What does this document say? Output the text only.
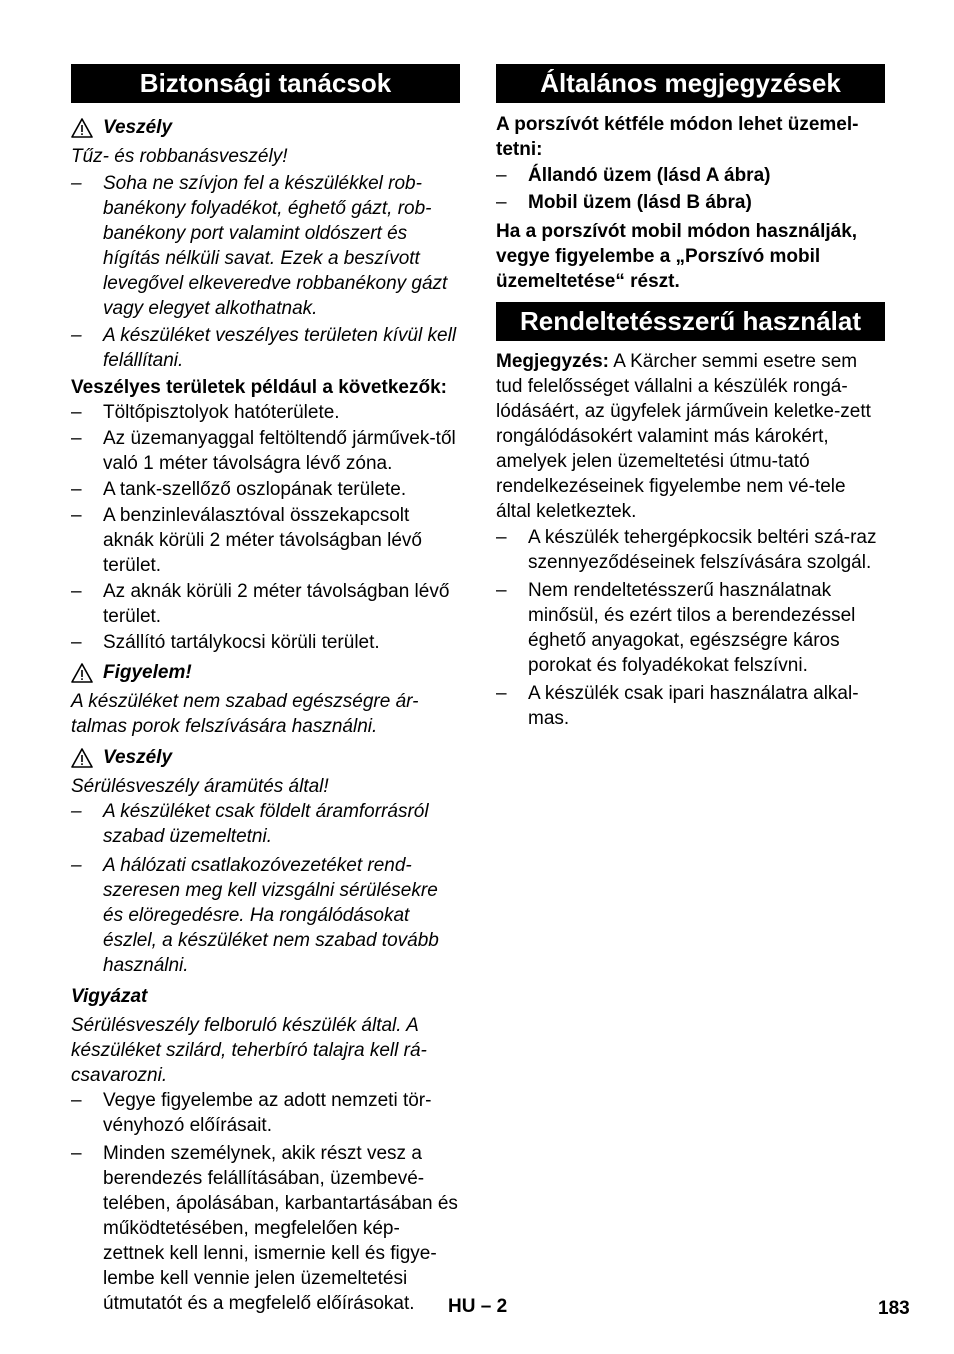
Biztonsági tanácsok

Veszély

Tűz- és robbanásveszély!

–
Soha ne szívjon fel a készülékkel rob-banékony folyadékot, éghető gázt, rob-banékony port valamint oldószert és hígítás nélküli savat. Ezek a beszívott levegővel elkeveredve robbanékony gázt vagy elegyet alkothatnak.
–
A készüléket veszélyes területen kívül kell felállítani.

Veszélyes területek például a következők:

–
Töltőpisztolyok hatóterülete.
–
Az üzemanyaggal feltöltendő járművek-től való 1 méter távolságra lévő zóna.
–
A tank-szellőző oszlopának területe.
–
A benzinleválasztóval összekapcsolt aknák körüli 2 méter távolságban lévő terület.
–
Az aknák körüli 2 méter távolságban lévő terület.
–
Szállító tartálykocsi körüli terület.

Figyelem!

A készüléket nem szabad egészségre ár-talmas porok felszívására használni.

Veszély

Sérülésveszély áramütés által!

–
A készüléket csak földelt áramforrásról szabad üzemeltetni.
–
A hálózati csatlakozóvezetéket rend-szeresen meg kell vizsgálni sérülésekre és elöregedésre. Ha rongálódásokat észlel, a készüléket nem szabad tovább használni.

Vigyázat

Sérülésveszély felboruló készülék által. A készüléket szilárd, teherbíró talajra kell rá-csavarozni.

–
Vegye figyelembe az adott nemzeti tör-vényhozó előírásait.
–
Minden személynek, akik részt vesz a berendezés felállításában, üzembevé-telében, ápolásában, karbantartásában és működtetésében, megfelelően kép-zettnek kell lenni, ismernie kell és figye-lembe kell vennie jelen üzemeltetési útmutatót és a megfelelő előírásokat.
Általános megjegyzések

A porszívót kétféle módon lehet üzemel-tetni:

–
Állandó üzem (lásd A ábra)
–
Mobil üzem (lásd B ábra)

Ha a porszívót mobil módon használják, vegye figyelembe a „Porszívó mobil üzemeltetése“ részt.

Rendeltetésszerű használat

Megjegyzés: A Kärcher semmi esetre sem tud felelősséget vállalni a készülék rongá-lódásáért, az ügyfelek járművein keletke-zett rongálódásokért valamint más károkért, amelyek jelen üzemeltetési útmu-tató rendelkezéseinek figyelembe nem vé-tele által keletkeztek.

–
A készülék tehergépkocsik beltéri szá-raz szennyeződéseinek felszívására szolgál.
–
Nem rendeltetésszerű használatnak minősül, és ezért tilos a berendezéssel éghető anyagokat, egészségre káros porokat és folyadékokat felszívni.
–
A készülék csak ipari használatra alkal-mas.
HU – 2	183
